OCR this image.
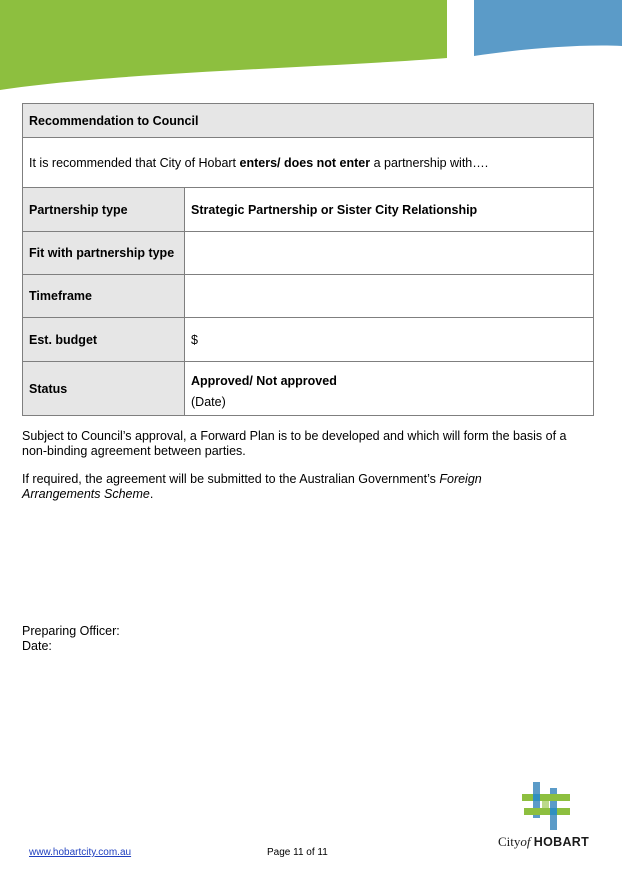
Recommendation to Council	
It is recommended that City of Hobart enters/ does not enter a partnership with….	
Partnership type	Strategic Partnership or Sister City Relationship
Fit with partnership type	
Timeframe	
Est. budget	$
Status	Approved/ Not approved
(Date)

Subject to Council’s approval, a Forward Plan is to be developed and which will form the basis of a non-binding agreement between parties.

If required, the agreement will be submitted to the Australian Government’s Foreign Arrangements Scheme.

Preparing Officer:
Date:
www.hobartcity.com.au	Page 11 of 11
Cityof HOBART
